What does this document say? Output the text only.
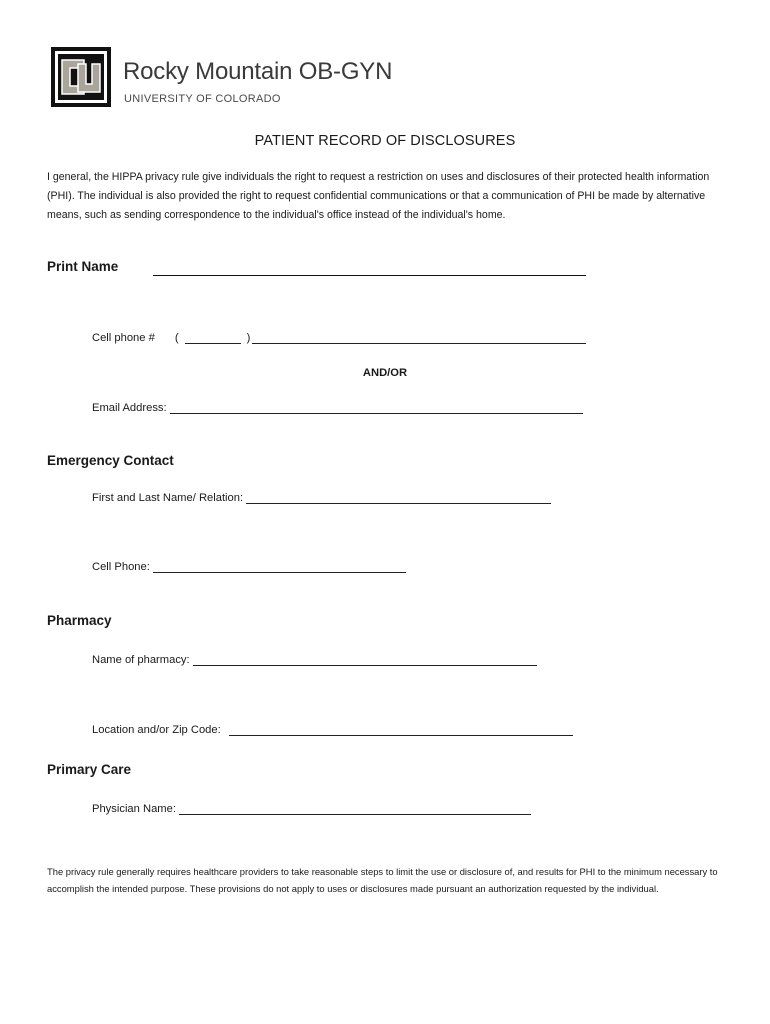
Rocky Mountain OB-GYN
UNIVERSITY OF COLORADO
PATIENT RECORD OF DISCLOSURES
I general, the HIPPA privacy rule give individuals the right to request a restriction on uses and disclosures of their protected health information (PHI). The individual is also provided the right to request confidential communications or that a communication of PHI be made by alternative means, such as sending correspondence to the individual's office instead of the individual's home.
Print Name
Cell phone # (	)
AND/OR
Email Address:
Emergency Contact
First and Last Name/ Relation:
Cell Phone:
Pharmacy
Name of pharmacy:
Location and/or Zip Code:
Primary Care
Physician Name:
The privacy rule generally requires healthcare providers to take reasonable steps to limit the use or disclosure of, and results for PHI to the minimum necessary to accomplish the intended purpose. These provisions do not apply to uses or disclosures made pursuant an authorization requested by the individual.
